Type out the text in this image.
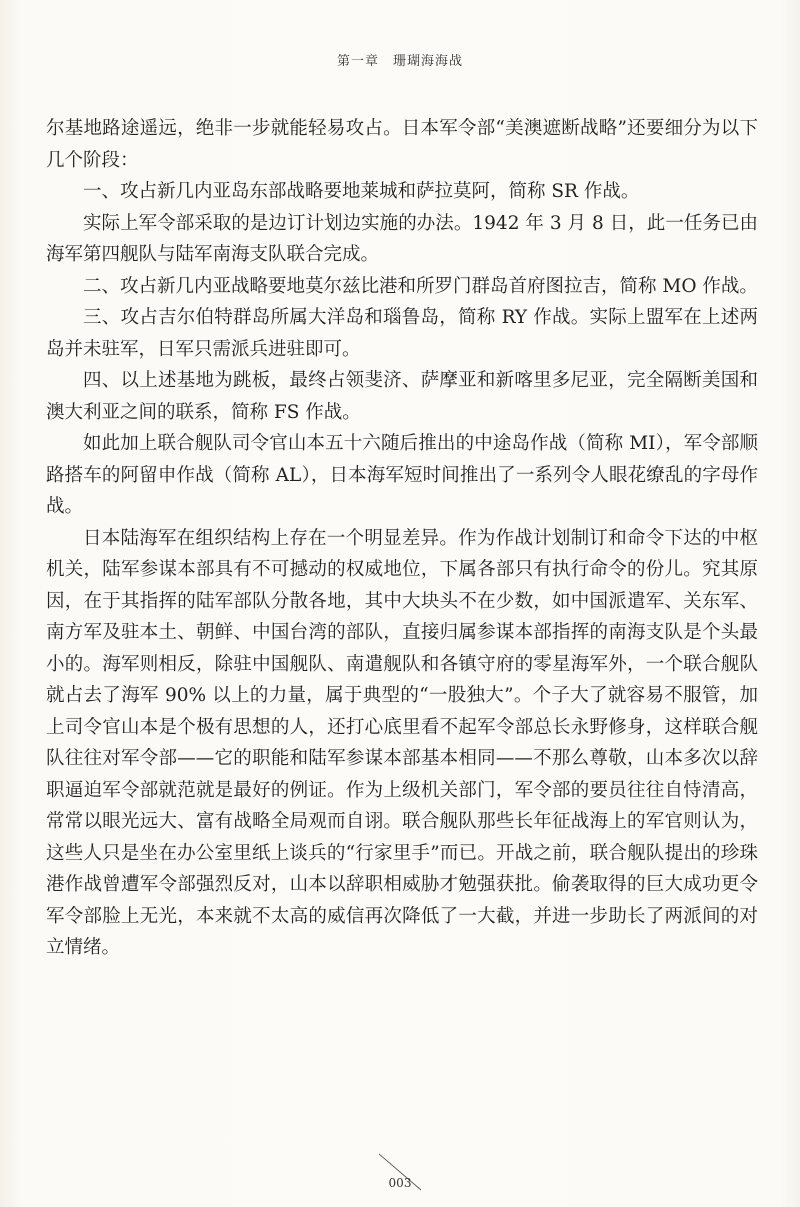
第一章　珊瑚海海战

尔基地路途遥远，绝非一步就能轻易攻占。日本军令部“美澳遮断战略”还要细分为以下几个阶段：

一、攻占新几内亚岛东部战略要地莱城和萨拉莫阿，简称 SR 作战。

实际上军令部采取的是边订计划边实施的办法。1942 年 3 月 8 日，此一任务已由海军第四舰队与陆军南海支队联合完成。

二、攻占新几内亚战略要地莫尔兹比港和所罗门群岛首府图拉吉，简称 MO 作战。

三、攻占吉尔伯特群岛所属大洋岛和瑙鲁岛，简称 RY 作战。实际上盟军在上述两岛并未驻军，日军只需派兵进驻即可。

四、以上述基地为跳板，最终占领斐济、萨摩亚和新喀里多尼亚，完全隔断美国和澳大利亚之间的联系，简称 FS 作战。

如此加上联合舰队司令官山本五十六随后推出的中途岛作战（简称 MI），军令部顺路搭车的阿留申作战（简称 AL），日本海军短时间推出了一系列令人眼花缭乱的字母作战。

日本陆海军在组织结构上存在一个明显差异。作为作战计划制订和命令下达的中枢机关，陆军参谋本部具有不可撼动的权威地位，下属各部只有执行命令的份儿。究其原因，在于其指挥的陆军部队分散各地，其中大块头不在少数，如中国派遣军、关东军、南方军及驻本土、朝鲜、中国台湾的部队，直接归属参谋本部指挥的南海支队是个头最小的。海军则相反，除驻中国舰队、南遣舰队和各镇守府的零星海军外，一个联合舰队就占去了海军 90% 以上的力量，属于典型的“一股独大”。个子大了就容易不服管，加上司令官山本是个极有思想的人，还打心底里看不起军令部总长永野修身，这样联合舰队往往对军令部——它的职能和陆军参谋本部基本相同——不那么尊敬，山本多次以辞职逼迫军令部就范就是最好的例证。作为上级机关部门，军令部的要员往往自恃清高，常常以眼光远大、富有战略全局观而自诩。联合舰队那些长年征战海上的军官则认为，这些人只是坐在办公室里纸上谈兵的“行家里手”而已。开战之前，联合舰队提出的珍珠港作战曾遭军令部强烈反对，山本以辞职相威胁才勉强获批。偷袭取得的巨大成功更令军令部脸上无光，本来就不太高的威信再次降低了一大截，并进一步助长了两派间的对立情绪。

003
